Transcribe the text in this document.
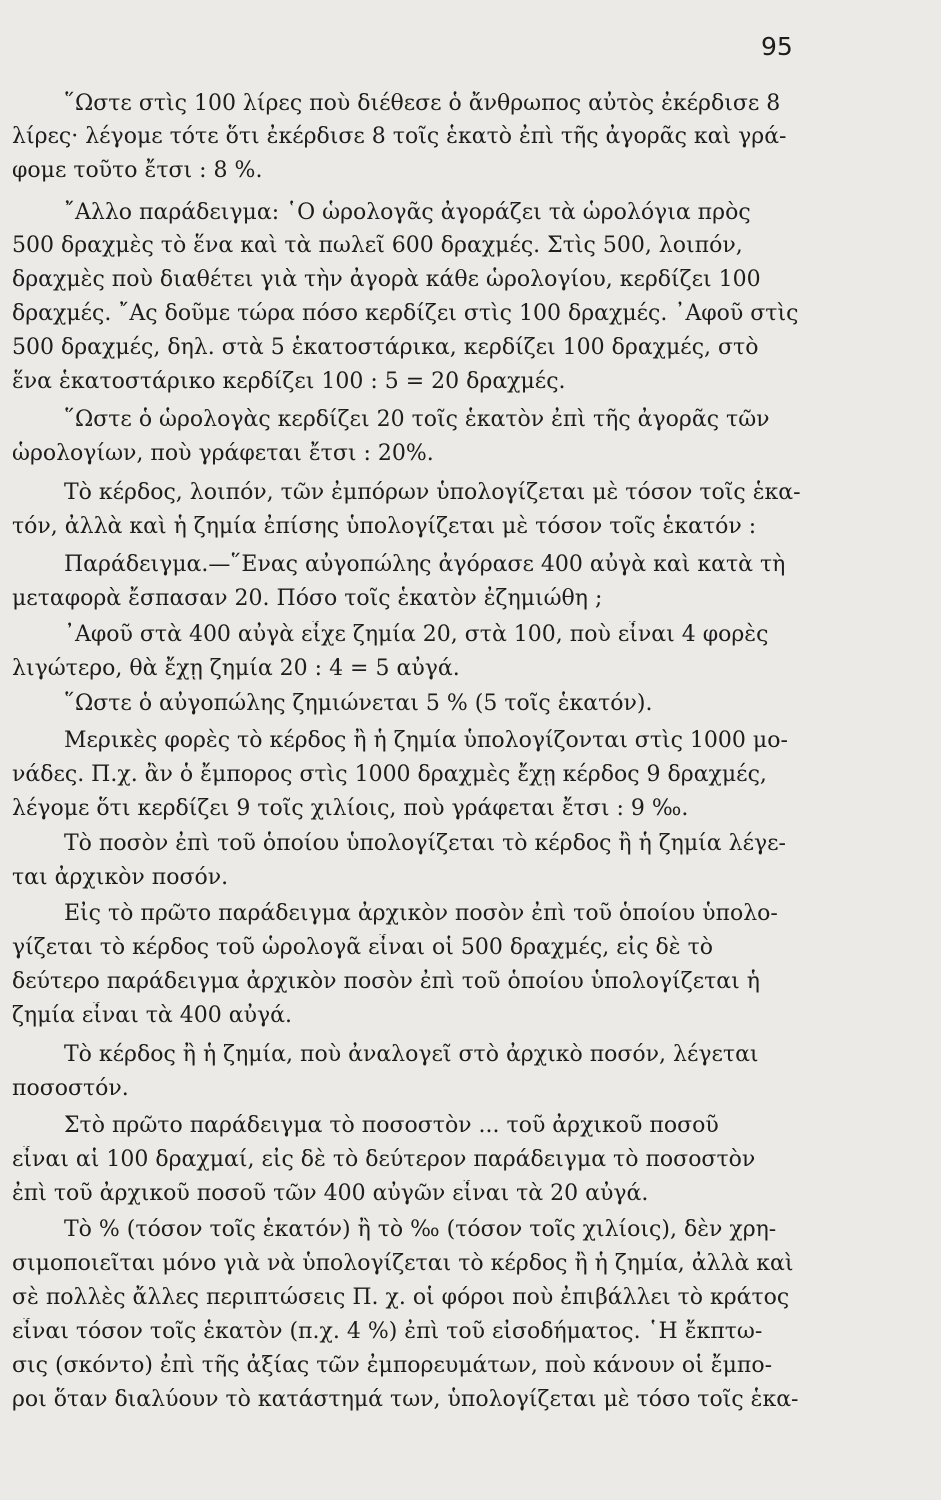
95
῞Ωστε στὶς 100 λίρες ποὺ διέθεσε ὁ ἄνθρωπος αὐτὸς ἐκέρδισε 8
λίρες· λέγομε τότε ὅτι ἐκέρδισε 8 τοῖς ἑκατὸ ἐπὶ τῆς ἀγορᾶς καὶ γρά-
φομε τοῦτο ἔτσι : 8 %.
῎Αλλο παράδειγμα: ῾Ο ὡρολογᾶς ἀγοράζει τὰ ὡρολόγια πρὸς
500 δραχμὲς τὸ ἕνα καὶ τὰ πωλεῖ 600 δραχμές. Στὶς 500, λοιπόν,
δραχμὲς ποὺ διαθέτει γιὰ τὴν ἀγορὰ κάθε ὡρολογίου, κερδίζει 100
δραχμές. ῎Ας δοῦμε τώρα πόσο κερδίζει στὶς 100 δραχμές. ᾿Αφοῦ στὶς
500 δραχμές, δηλ. στὰ 5 ἑκατοστάρικα, κερδίζει 100 δραχμές, στὸ
ἕνα ἑκατοστάρικο κερδίζει 100 : 5 = 20 δραχμές.
῞Ωστε ὁ ὡρολογὰς κερδίζει 20 τοῖς ἑκατὸν ἐπὶ τῆς ἀγορᾶς τῶν
ὡρολογίων, ποὺ γράφεται ἔτσι : 20%.
Τὸ κέρδος, λοιπόν, τῶν ἐμπόρων ὑπολογίζεται μὲ τόσον τοῖς ἑκα-
τόν, ἀλλὰ καὶ ἡ ζημία ἐπίσης ὑπολογίζεται μὲ τόσον τοῖς ἑκατόν :
Παράδειγμα.—῞Ενας αὐγοπώλης ἀγόρασε 400 αὐγὰ καὶ κατὰ τὴ
μεταφορὰ ἔσπασαν 20. Πόσο τοῖς ἑκατὸν ἐζημιώθη ;
᾿Αφοῦ στὰ 400 αὐγὰ εἶχε ζημία 20, στὰ 100, ποὺ εἶναι 4 φορὲς
λιγώτερο, θὰ ἔχῃ ζημία 20 : 4 = 5 αὐγά.
῞Ωστε ὁ αὐγοπώλης ζημιώνεται 5 % (5 τοῖς ἑκατόν).
Μερικὲς φορὲς τὸ κέρδος ἢ ἡ ζημία ὑπολογίζονται στὶς 1000 μο-
νάδες. Π.χ. ἂν ὁ ἔμπορος στὶς 1000 δραχμὲς ἔχῃ κέρδος 9 δραχμές,
λέγομε ὅτι κερδίζει 9 τοῖς χιλίοις, ποὺ γράφεται ἔτσι : 9 ‰.
Τὸ ποσὸν ἐπὶ τοῦ ὁποίου ὑπολογίζεται τὸ κέρδος ἢ ἡ ζημία λέγε-
ται ἀρχικὸν ποσόν.
Εἰς τὸ πρῶτο παράδειγμα ἀρχικὸν ποσὸν ἐπὶ τοῦ ὁποίου ὑπολο-
γίζεται τὸ κέρδος τοῦ ὡρολογᾶ εἶναι οἱ 500 δραχμές, εἰς δὲ τὸ
δεύτερο παράδειγμα ἀρχικὸν ποσὸν ἐπὶ τοῦ ὁποίου ὑπολογίζεται ἡ
ζημία εἶναι τὰ 400 αὐγά.
Τὸ κέρδος ἢ ἡ ζημία, ποὺ ἀναλογεῖ στὸ ἀρχικὸ ποσόν, λέγεται
ποσοστόν.
Στὸ πρῶτο παράδειγμα τὸ ποσοστὸν ... τοῦ ἀρχικοῦ ποσοῦ
εἶναι αἱ 100 δραχμαί, εἰς δὲ τὸ δεύτερον παράδειγμα τὸ ποσοστὸν
ἐπὶ τοῦ ἀρχικοῦ ποσοῦ τῶν 400 αὐγῶν εἶναι τὰ 20 αὐγά.
Τὸ % (τόσον τοῖς ἑκατόν) ἢ τὸ ‰ (τόσον τοῖς χιλίοις), δὲν χρη-
σιμοποιεῖται μόνο γιὰ νὰ ὑπολογίζεται τὸ κέρδος ἢ ἡ ζημία, ἀλλὰ καὶ
σὲ πολλὲς ἄλλες περιπτώσεις Π. χ. οἱ φόροι ποὺ ἐπιβάλλει τὸ κράτος
εἶναι τόσον τοῖς ἑκατὸν (π.χ. 4 %) ἐπὶ τοῦ εἰσοδήματος. ῾Η ἔκπτω-
σις (σκόντο) ἐπὶ τῆς ἀξίας τῶν ἐμπορευμάτων, ποὺ κάνουν οἱ ἔμπο-
ροι ὅταν διαλύουν τὸ κατάστημά των, ὑπολογίζεται μὲ τόσο τοῖς ἑκα-
